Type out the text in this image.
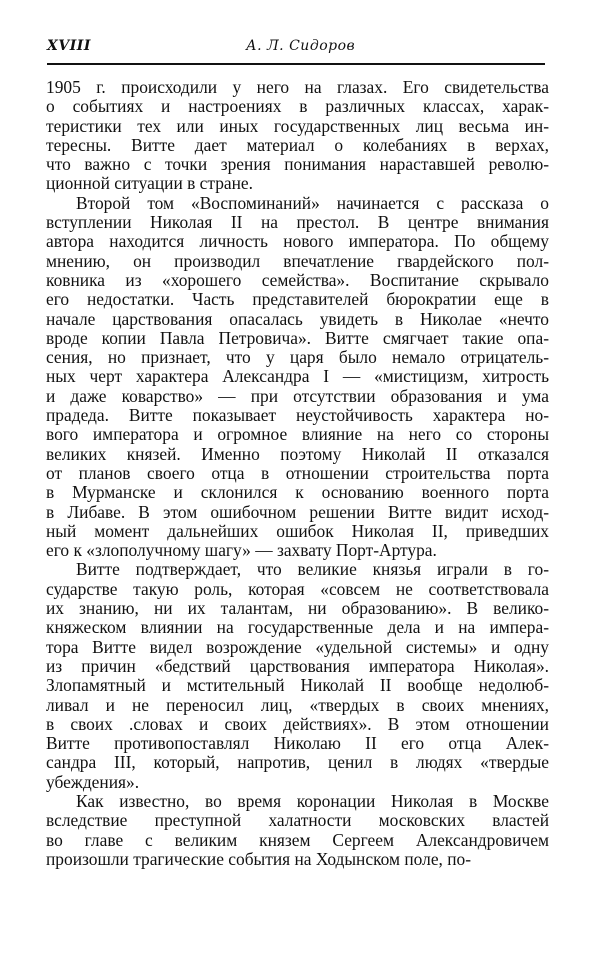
XVIII	А. Л. Сидоров
1905 г. происходили у него на глазах. Его свидетельства
о событиях и настроениях в различных классах, харак-
теристики тех или иных государственных лиц весьма ин-
тересны. Витте дает материал о колебаниях в верхах,
что важно с точки зрения понимания нараставшей револю-
ционной ситуации в стране.
Второй том «Воспоминаний» начинается с рассказа о
вступлении Николая II на престол. В центре внимания
автора находится личность нового императора. По общему
мнению, он производил впечатление гвардейского пол-
ковника из «хорошего семейства». Воспитание скрывало
его недостатки. Часть представителей бюрократии еще в
начале царствования опасалась увидеть в Николае «нечто
вроде копии Павла Петровича». Витте смягчает такие опа-
сения, но признает, что у царя было немало отрицатель-
ных черт характера Александра I — «мистицизм, хитрость
и даже коварство» — при отсутствии образования и ума
прадеда. Витте показывает неустойчивость характера но-
вого императора и огромное влияние на него со стороны
великих князей. Именно поэтому Николай II отказался
от планов своего отца в отношении строительства порта
в Мурманске и склонился к основанию военного порта
в Либаве. В этом ошибочном решении Витте видит исход-
ный момент дальнейших ошибок Николая II, приведших
его к «злополучному шагу» — захвату Порт-Артура.
Витте подтверждает, что великие князья играли в го-
сударстве такую роль, которая «совсем не соответствовала
их знанию, ни их талантам, ни образованию». В велико-
княжеском влиянии на государственные дела и на импера-
тора Витте видел возрождение «удельной системы» и одну
из причин «бедствий царствования императора Николая».
Злопамятный и мстительный Николай II вообще недолюб-
ливал и не переносил лиц, «твердых в своих мнениях,
в своих .словах и своих действиях». В этом отношении
Витте противопоставлял Николаю II его отца Алек-
сандра III, который, напротив, ценил в людях «твердые
убеждения».
Как известно, во время коронации Николая в Москве
вследствие преступной халатности московских властей
во главе с великим князем Сергеем Александровичем
произошли трагические события на Ходынском поле, по-
